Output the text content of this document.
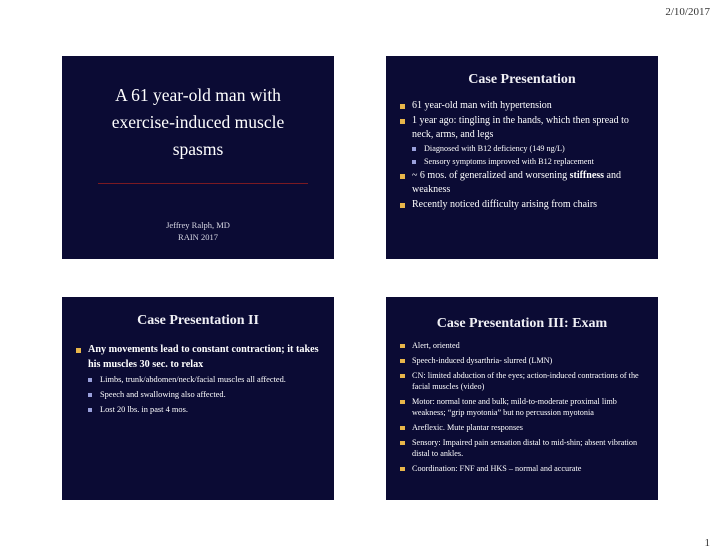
2/10/2017
A 61 year-old man with
exercise-induced muscle
spasms
Jeffrey Ralph, MD
RAIN 2017
Case Presentation
61 year-old man with hypertension
1 year ago: tingling in the hands, which then spread to neck, arms, and legs
Diagnosed with B12 deficiency (149 ng/L)
Sensory symptoms improved with B12 replacement
~ 6 mos. of generalized and worsening stiffness and weakness
Recently noticed difficulty arising from chairs
Case Presentation II
Any movements lead to constant contraction; it takes his muscles 30 sec. to relax
Limbs, trunk/abdomen/neck/facial muscles all affected.
Speech and swallowing also affected.
Lost 20 lbs. in past 4 mos.
Case Presentation III: Exam
Alert, oriented
Speech-induced dysarthria- slurred (LMN)
CN: limited abduction of the eyes; action-induced contractions of the facial muscles (video)
Motor: normal tone and bulk; mild-to-moderate proximal limb weakness; “grip myotonia” but no percussion myotonia
Areflexic. Mute plantar responses
Sensory: Impaired pain sensation distal to mid-shin; absent vibration distal to ankles.
Coordination: FNF and HKS – normal and accurate
1
